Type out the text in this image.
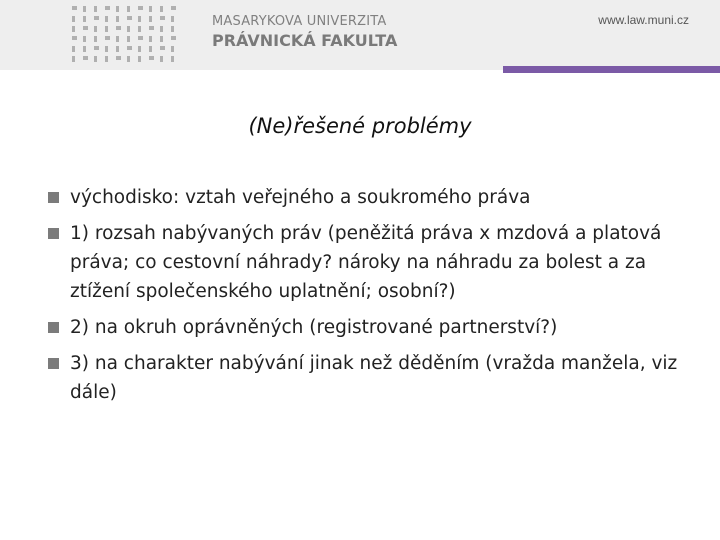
MASARYKOVA UNIVERZITA
PRÁVNICKÁ FAKULTA
www.law.muni.cz
(Ne)řešené problémy
východisko: vztah veřejného a soukromého práva
1) rozsah nabývaných práv (peněžitá práva x mzdová a platová práva; co cestovní náhrady? nároky na náhradu za bolest a za ztížení společenského uplatnění; osobní?)
2) na okruh oprávněných (registrované partnerství?)
3) na charakter nabývání jinak než děděním (vražda manžela, viz dále)
